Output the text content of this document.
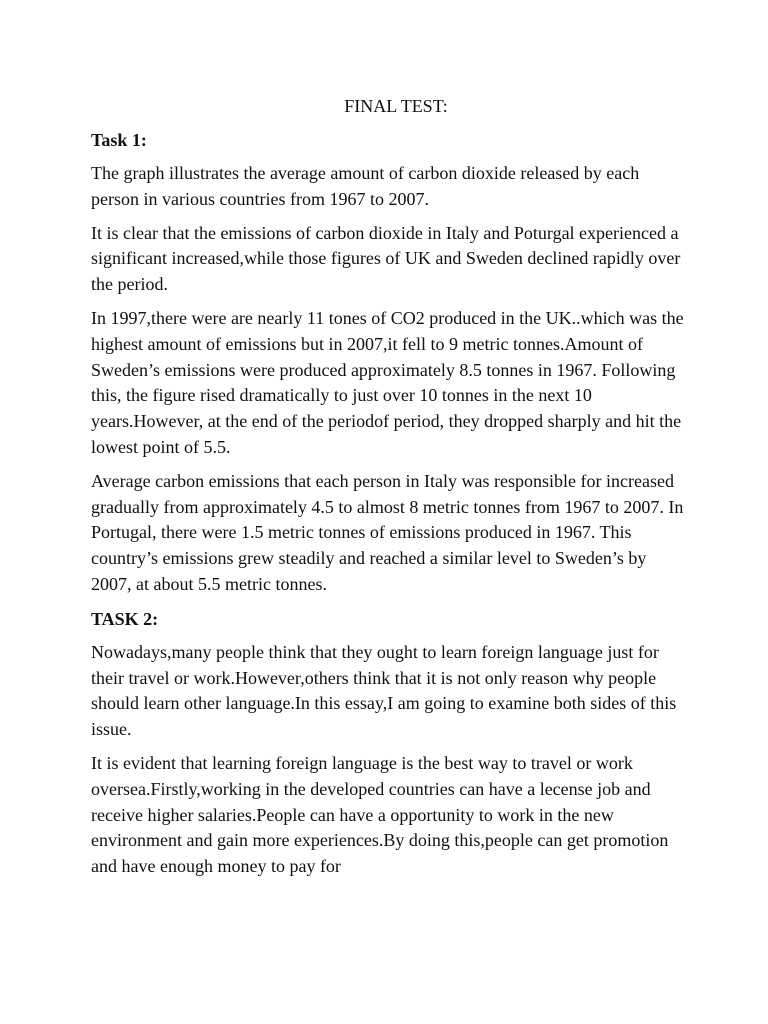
FINAL TEST:
Task 1:

The graph illustrates the average amount of carbon dioxide released by each person in various countries from 1967 to 2007.

It is clear that the emissions of carbon dioxide in Italy and Poturgal experienced a significant increased,while those figures of UK and Sweden declined rapidly over the period.

In 1997,there were are nearly 11 tones of CO2 produced in the UK..which was the highest amount of emissions but in 2007,it fell to 9 metric tonnes.Amount of Sweden’s emissions were produced approximately 8.5 tonnes in 1967. Following this, the figure rised dramatically to just over 10 tonnes in the next 10 years.However, at the end of the periodof period, they dropped sharply and hit the lowest point of 5.5.

Average carbon emissions that each person in Italy was responsible for increased gradually from approximately 4.5 to almost 8 metric tonnes from 1967 to 2007. In Portugal, there were 1.5 metric tonnes of emissions produced in 1967. This country’s emissions grew steadily and reached a similar level to Sweden’s by 2007, at about 5.5 metric tonnes.

TASK 2:

Nowadays,many people think that they ought to learn foreign language just for their travel or work.However,others think that it is not only reason why people should learn other language.In this essay,I am going to examine both sides of this issue.

It is evident that learning foreign language is the best way to travel or work oversea.Firstly,working in the developed countries can have a lecense job and receive higher salaries.People can have a opportunity to work in the new environment and gain more experiences.By doing this,people can get promotion and have enough money to pay for
